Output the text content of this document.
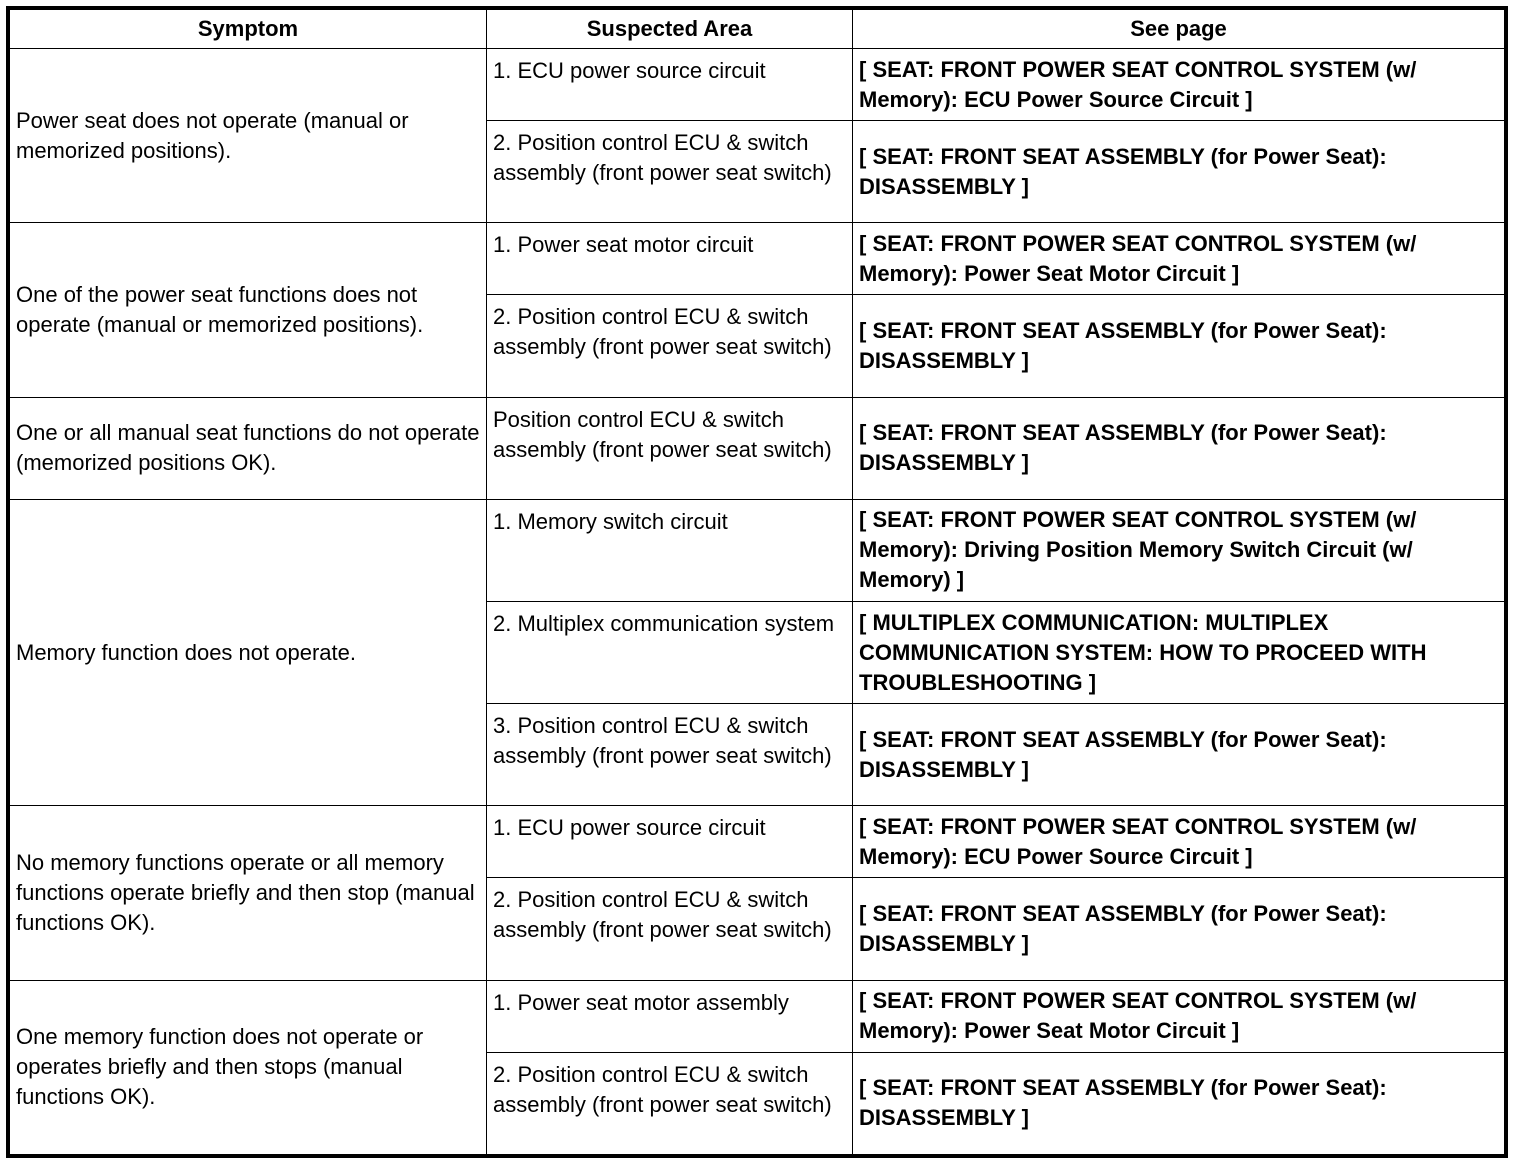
Symptom	Suspected Area	See page
Power seat does not operate (manual or memorized positions).	1. ECU power source circuit	[ SEAT: FRONT POWER SEAT CONTROL SYSTEM (w/ Memory): ECU Power Source Circuit ]
	2. Position control ECU & switch assembly (front power seat switch)	[ SEAT: FRONT SEAT ASSEMBLY (for Power Seat): DISASSEMBLY ]
One of the power seat functions does not operate (manual or memorized positions).	1. Power seat motor circuit	[ SEAT: FRONT POWER SEAT CONTROL SYSTEM (w/ Memory): Power Seat Motor Circuit ]
	2. Position control ECU & switch assembly (front power seat switch)	[ SEAT: FRONT SEAT ASSEMBLY (for Power Seat): DISASSEMBLY ]
One or all manual seat functions do not operate (memorized positions OK).	Position control ECU & switch assembly (front power seat switch)	[ SEAT: FRONT SEAT ASSEMBLY (for Power Seat): DISASSEMBLY ]
Memory function does not operate.	1. Memory switch circuit	[ SEAT: FRONT POWER SEAT CONTROL SYSTEM (w/ Memory): Driving Position Memory Switch Circuit (w/ Memory) ]
	2. Multiplex communication system	[ MULTIPLEX COMMUNICATION: MULTIPLEX COMMUNICATION SYSTEM: HOW TO PROCEED WITH TROUBLESHOOTING ]
	3. Position control ECU & switch assembly (front power seat switch)	[ SEAT: FRONT SEAT ASSEMBLY (for Power Seat): DISASSEMBLY ]
No memory functions operate or all memory functions operate briefly and then stop (manual functions OK).	1. ECU power source circuit	[ SEAT: FRONT POWER SEAT CONTROL SYSTEM (w/ Memory): ECU Power Source Circuit ]
	2. Position control ECU & switch assembly (front power seat switch)	[ SEAT: FRONT SEAT ASSEMBLY (for Power Seat): DISASSEMBLY ]
One memory function does not operate or operates briefly and then stops (manual functions OK).	1. Power seat motor assembly	[ SEAT: FRONT POWER SEAT CONTROL SYSTEM (w/ Memory): Power Seat Motor Circuit ]
	2. Position control ECU & switch assembly (front power seat switch)	[ SEAT: FRONT SEAT ASSEMBLY (for Power Seat): DISASSEMBLY ]
